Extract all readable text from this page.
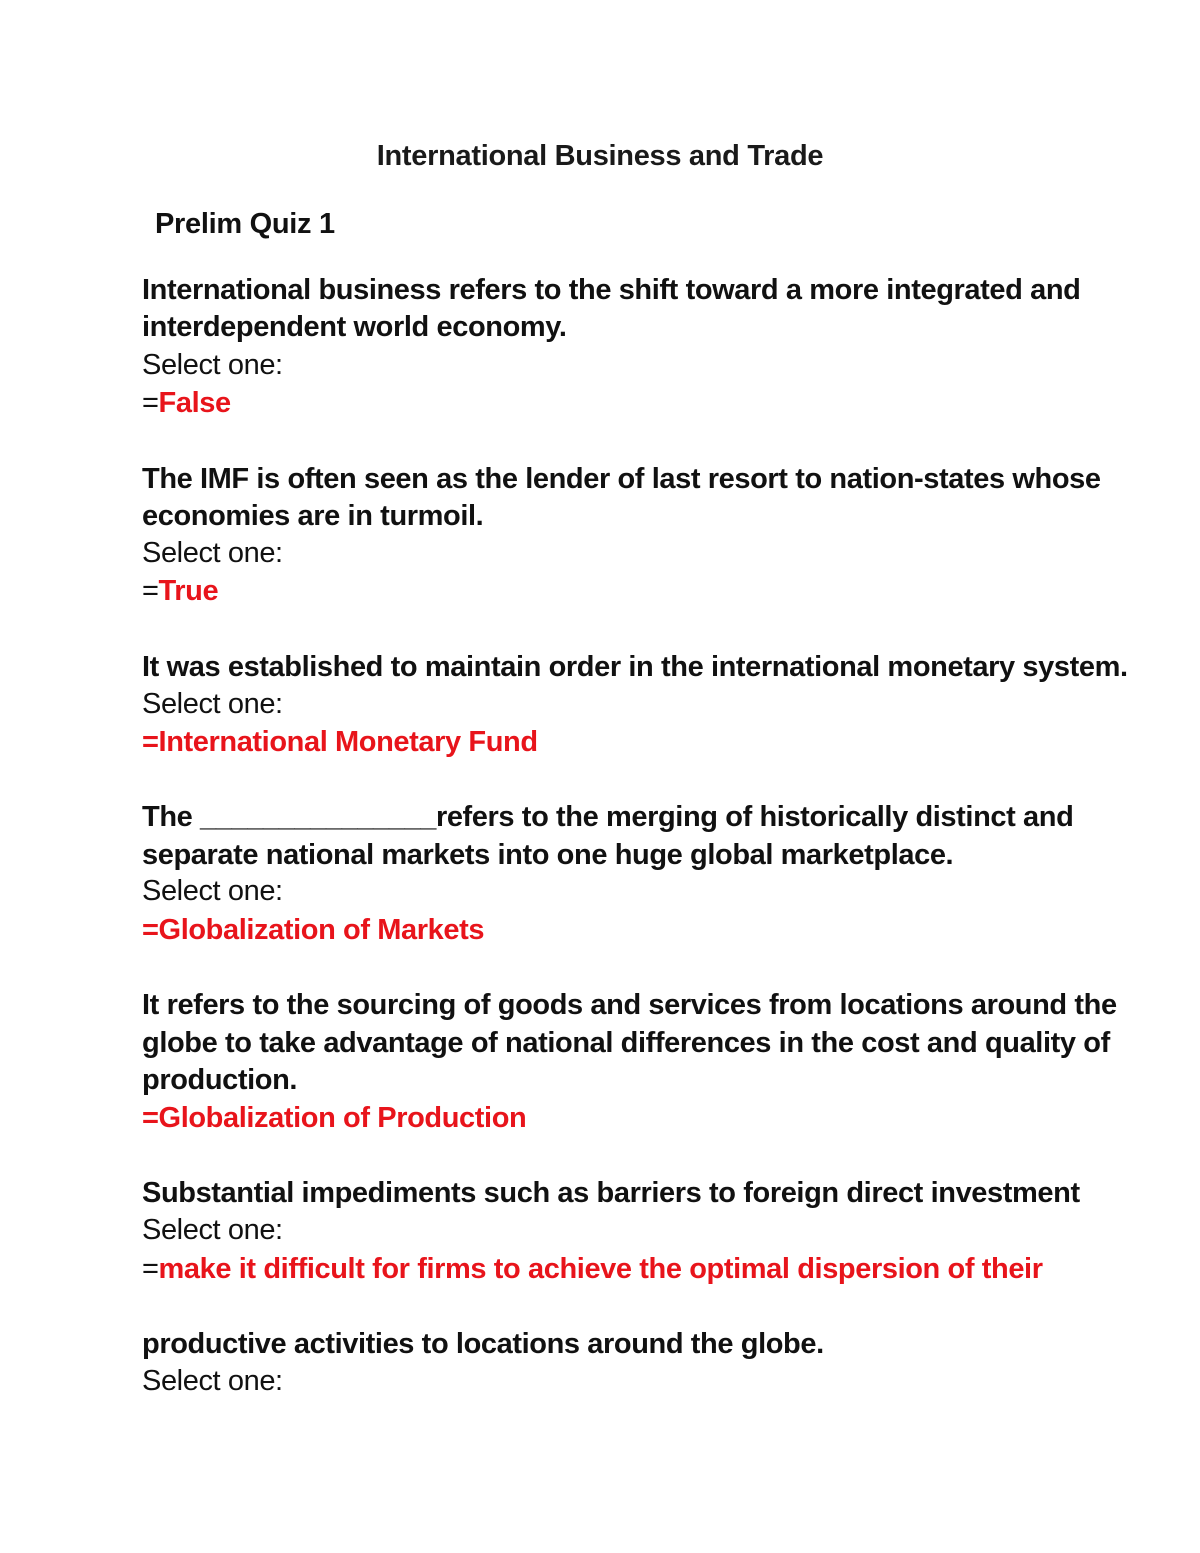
International Business and Trade
Prelim Quiz 1
International business refers to the shift toward a more integrated and
interdependent world economy.
Select one:
=False
The IMF is often seen as the lender of last resort to nation-states whose
economies are in turmoil.
Select one:
=True
It was established to maintain order in the international monetary system.
Select one:
=International Monetary Fund
The _______________refers to the merging of historically distinct and
separate national markets into one huge global marketplace.
Select one:
=Globalization of Markets
It refers to the sourcing of goods and services from locations around the
globe to take advantage of national differences in the cost and quality of
production.
=Globalization of Production
Substantial impediments such as barriers to foreign direct investment
Select one:
=make it difficult for firms to achieve the optimal dispersion of their
productive activities to locations around the globe.
Select one:
